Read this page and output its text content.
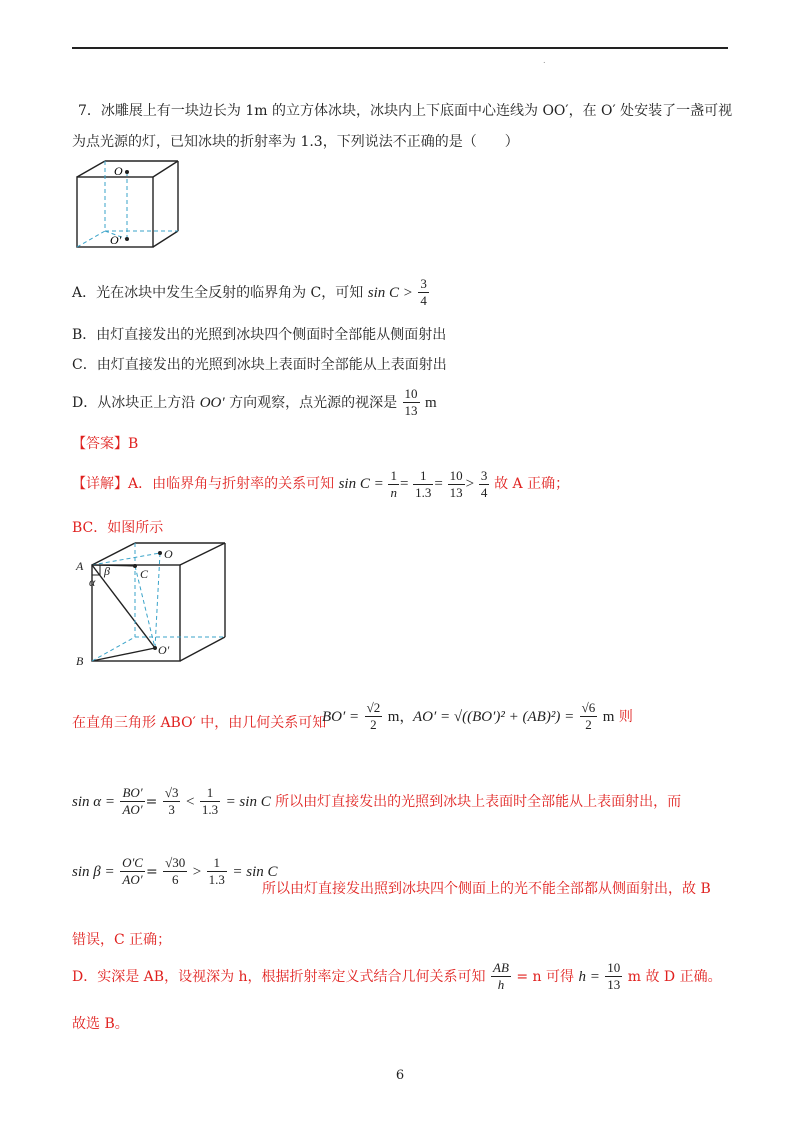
.
7．冰雕展上有一块边长为 1m 的立方体冰块，冰块内上下底面中心连线为 OO′，在 O′ 处安装了一盏可视
为点光源的灯，已知冰块的折射率为 1.3，下列说法不正确的是（　　）
O
O′
A．光在冰块中发生全反射的临界角为 C，可知 $\sin C > \frac{3}{4}$
B．由灯直接发出的光照到冰块四个侧面时全部能从侧面射出
C．由灯直接发出的光照到冰块上表面时全部能从上表面射出
D．从冰块正上方沿 OO′ 方向观察，点光源的视深是 $\frac{10}{13}$ m
【答案】B
【详解】A．由临界角与折射率的关系可知 $\sin C = \frac{1}{n} = \frac{1}{1.3} = \frac{10}{13} > \frac{3}{4}$ 故 A 正确；
BC．如图所示
A
B
C
O
O′
α
β
在直角三角形 ABO′ 中，由几何关系可知
$BO' = \frac{√2}{2}$ m，
$AO' = √((BO')^2 + (AB)^2) = \frac{√6}{2}$ m 则
$\sin \alpha = \frac{BO'}{AO'} = \frac{√3}{3} < \frac{1}{1.3} = \sin C$ 所以由灯直接发出的光照到冰块上表面时全部能从上表面射出，而
$\sin \beta = \frac{O'C}{AO'} = \frac{√30}{6} > \frac{1}{1.3} = \sin C$
所以由灯直接发出照到冰块四个侧面上的光不能全部都从侧面射出，故 B
错误，C 正确；
D．实深是 AB，设视深为 h，根据折射率定义式结合几何关系可知 $\frac{AB}{h} = n$ 可得 $h = \frac{10}{13}$ m 故 D 正确。
故选 B。
6
